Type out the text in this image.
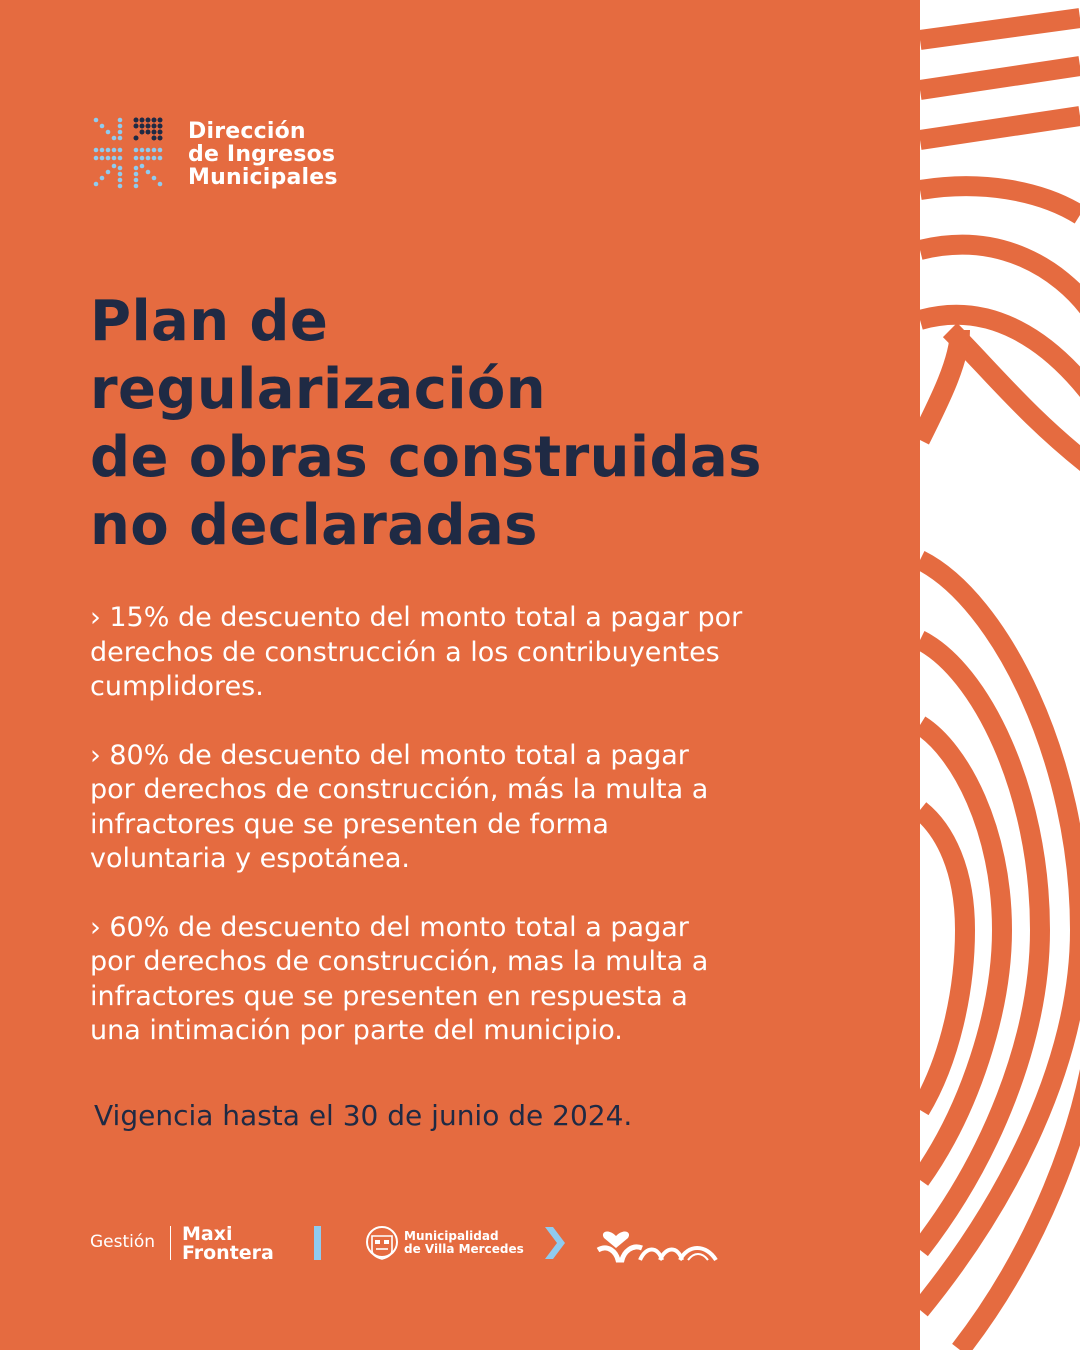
Dirección
de Ingresos
Municipales
Plan de
regularización
de obras construidas
no declaradas
› 15% de descuento del monto total a pagar por
derechos de construcción a los contribuyentes
cumplidores.
› 80% de descuento del monto total a pagar
por derechos de construcción, más la multa a
infractores que se presenten de forma
voluntaria y espotánea.
› 60% de descuento del monto total a pagar
por derechos de construcción, mas la multa a
infractores que se presenten en respuesta a
una intimación por parte del municipio.
Vigencia hasta el 30 de junio de 2024.
Gestión Maxi
Frontera
Municipalidad
de Villa Mercedes
